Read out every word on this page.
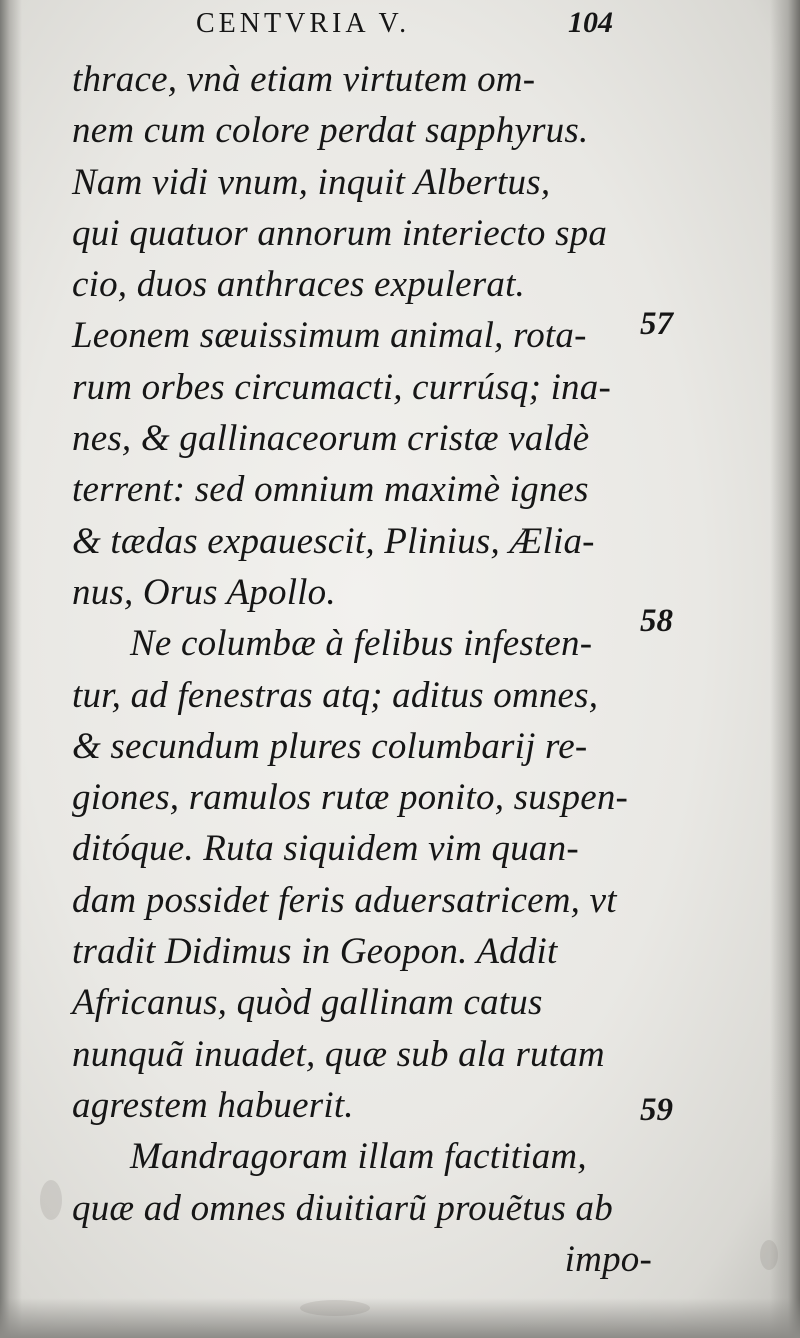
CENTVRIA V.	104
thrace, vnà etiam virtutem om-
nem cum colore perdat sapphyrus.
Nam vidi vnum, inquit Albertus,
qui quatuor annorum interiecto spa
cio, duos anthraces expulerat.
Leonem sæuissimum animal, rota-
rum orbes circumacti, currúsq; ina-
nes, & gallinaceorum cristæ valdè
terrent: sed omnium maximè ignes
& tædas expauescit, Plinius, Ælia-
nus, Orus Apollo.
Ne columbæ à felibus infesten-
tur, ad fenestras atq; aditus omnes,
& secundum plures columbarij re-
giones, ramulos rutæ ponito, suspen-
ditóque. Ruta siquidem vim quan-
dam possidet feris aduersatricem, vt
tradit Didimus in Geopon. Addit
Africanus, quòd gallinam catus
nunquã inuadet, quæ sub ala rutam
agrestem habuerit.
Mandragoram illam factitiam,
quæ ad omnes diuitiarũ prouẽtus ab
impo-
57
58
59
